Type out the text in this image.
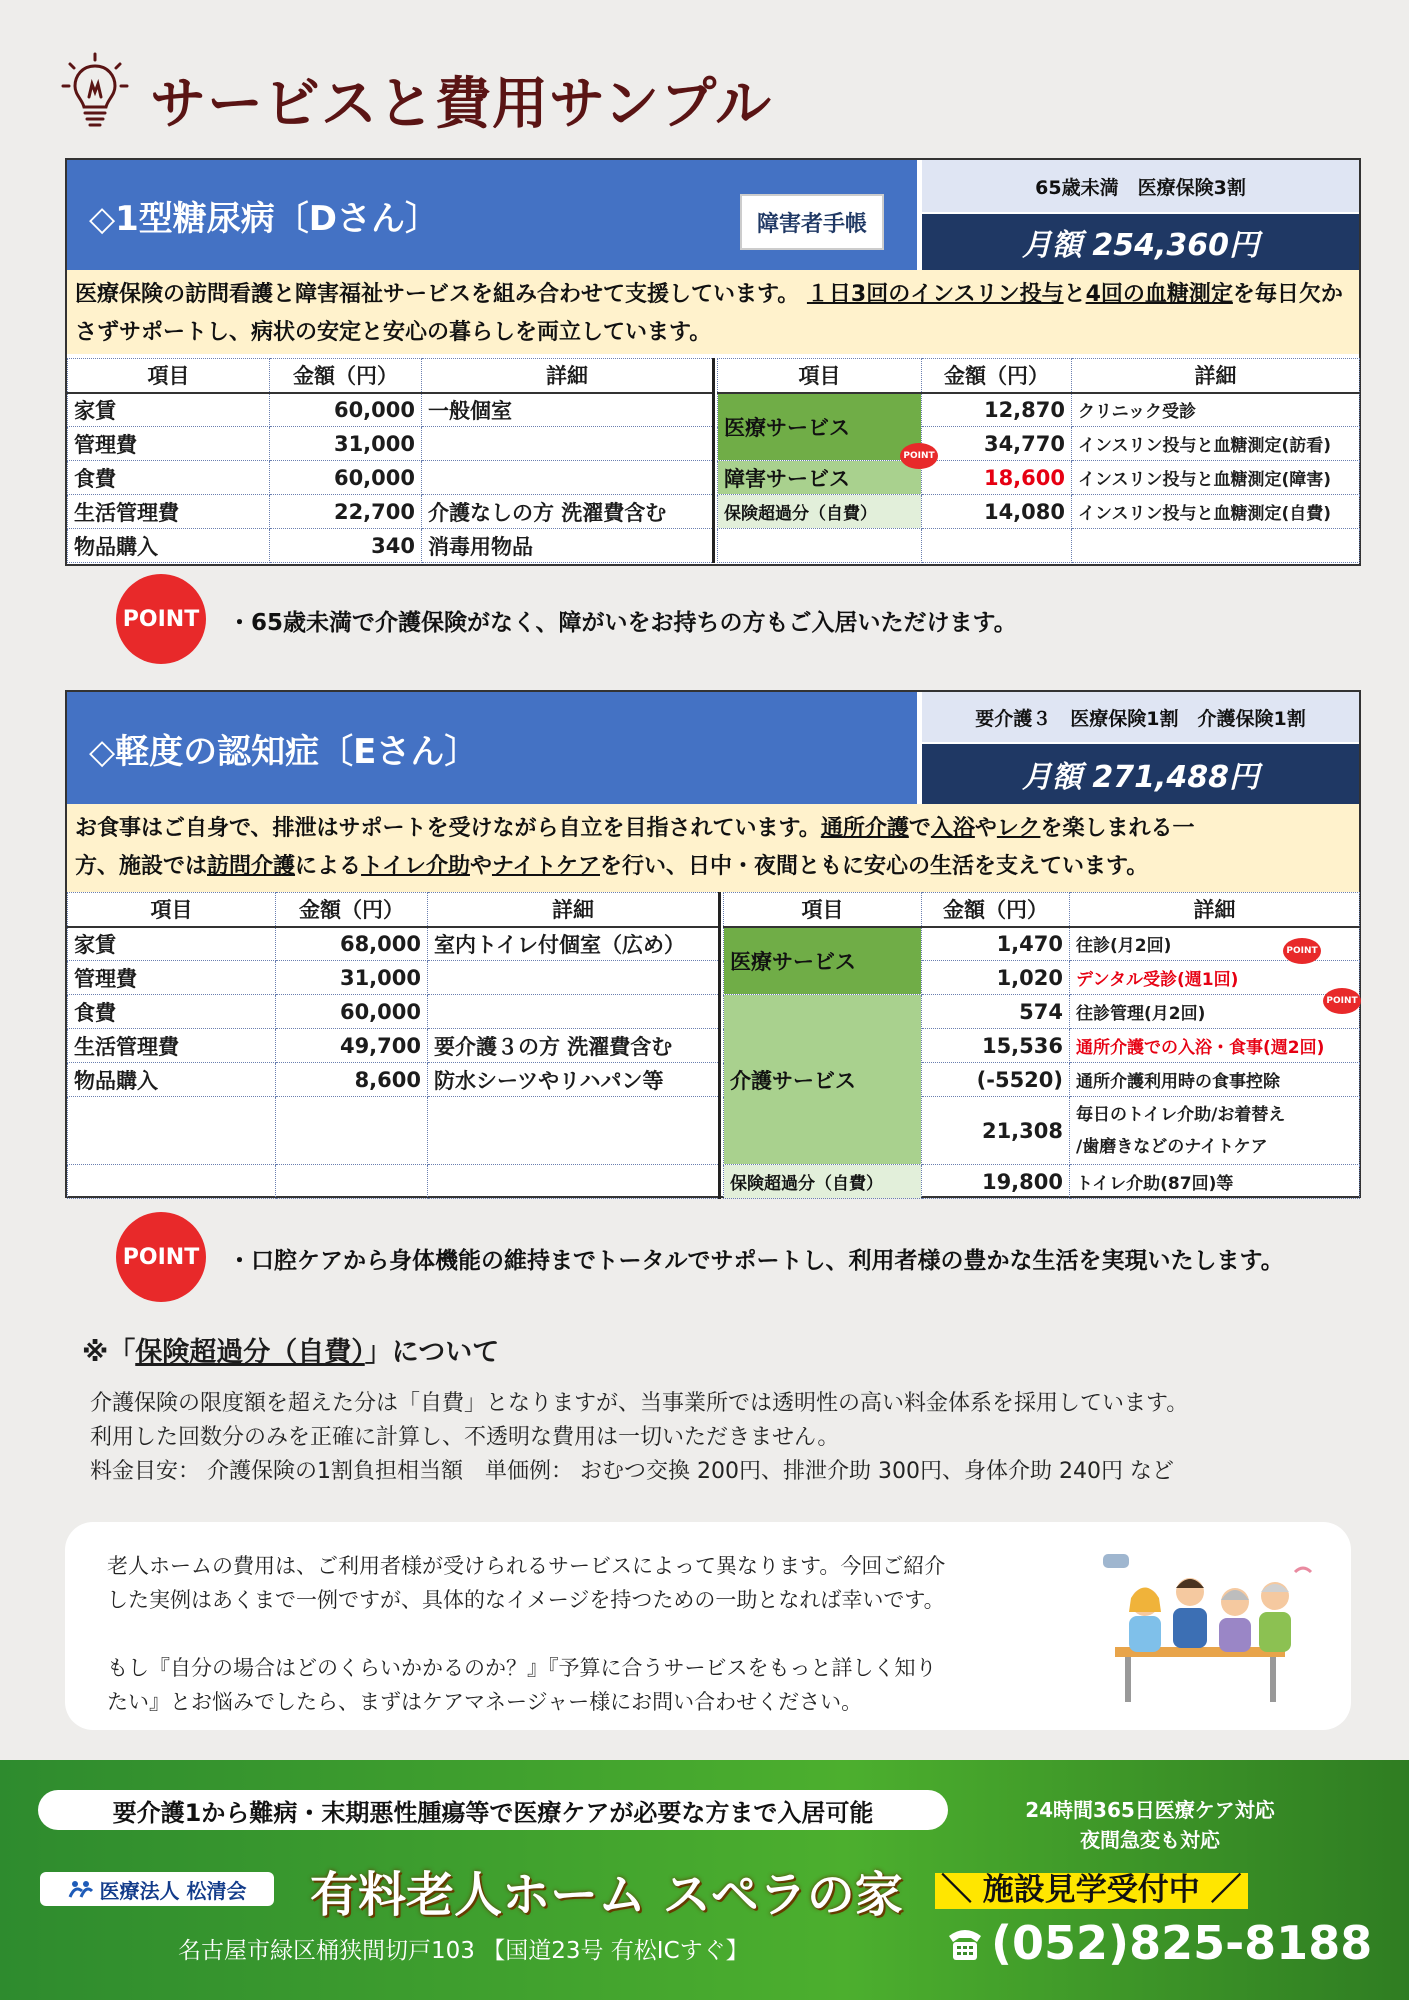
サービスと費用サンプル
◇1型糖尿病〔Dさん〕	障害者手帳
65歳未満　医療保険3割
月額 254,360円
医療保険の訪問看護と障害福祉サービスを組み合わせて支援しています。 １日3回のインスリン投与と4回の血糖測定を毎日欠かさずサポートし、病状の安定と安心の暮らしを両立しています。
項目	金額（円）	詳細
家賃	60,000	一般個室
管理費	31,000	
食費	60,000	
生活管理費	22,700	介護なしの方 洗濯費含む
物品購入	340	消毒用物品
項目	金額（円）	詳細
医療サービス	12,870	クリニック受診
	34,770	インスリン投与と血糖測定(訪看)
障害サービス	18,600	インスリン投与と血糖測定(障害)
保険超過分（自費）	14,080	インスリン投与と血糖測定(自費)

POINT
POINT ・65歳未満で介護保険がなく、障がいをお持ちの方もご入居いただけます。
◇軽度の認知症〔Eさん〕
要介護３　医療保険1割　介護保険1割
月額 271,488円
お食事はご自身で、排泄はサポートを受けながら自立を目指されています。通所介護で入浴やレクを楽しまれる一
方、施設では訪問介護によるトイレ介助やナイトケアを行い、日中・夜間ともに安心の生活を支えています。
項目	金額（円）	詳細
家賃	68,000	室内トイレ付個室（広め）
管理費	31,000	
食費	60,000	
生活管理費	49,700	要介護３の方 洗濯費含む
物品購入	8,600	防水シーツやリハパン等

項目	金額（円）	詳細
医療サービス	1,470	往診(月2回)
	1,020	デンタル受診(週1回)
介護サービス	574	往診管理(月2回)
	15,536	通所介護での入浴・食事(週2回)
	(-5520)	通所介護利用時の食事控除
	21,308	毎日のトイレ介助/お着替え
/歯磨きなどのナイトケア
保険超過分（自費）	19,800	トイレ介助(87回)等
POINT
POINT
POINT ・口腔ケアから身体機能の維持までトータルでサポートし、利用者様の豊かな生活を実現いたします。
※「保険超過分（自費）」について
介護保険の限度額を超えた分は「自費」となりますが、当事業所では透明性の高い料金体系を採用しています。
利用した回数分のみを正確に計算し、不透明な費用は一切いただきません。
料金目安： 介護保険の1割負担相当額　単価例： おむつ交換 200円、排泄介助 300円、身体介助 240円 など
老人ホームの費用は、ご利用者様が受けられるサービスによって異なります。今回ご紹介
した実例はあくまで一例ですが、具体的なイメージを持つための一助となれば幸いです。
もし『自分の場合はどのくらいかかるのか？』『予算に合うサービスをもっと詳しく知り
たい』とお悩みでしたら、まずはケアマネージャー様にお問い合わせください。
要介護1から難病・末期悪性腫瘍等で医療ケアが必要な方まで入居可能	24時間365日医療ケア対応
夜間急変も対応
医療法人 松清会 有料老人ホーム スペラの家 ＼ 施設見学受付中 ／
名古屋市緑区桶狭間切戸103 【国道23号 有松ICすぐ】	(052)825-8188
